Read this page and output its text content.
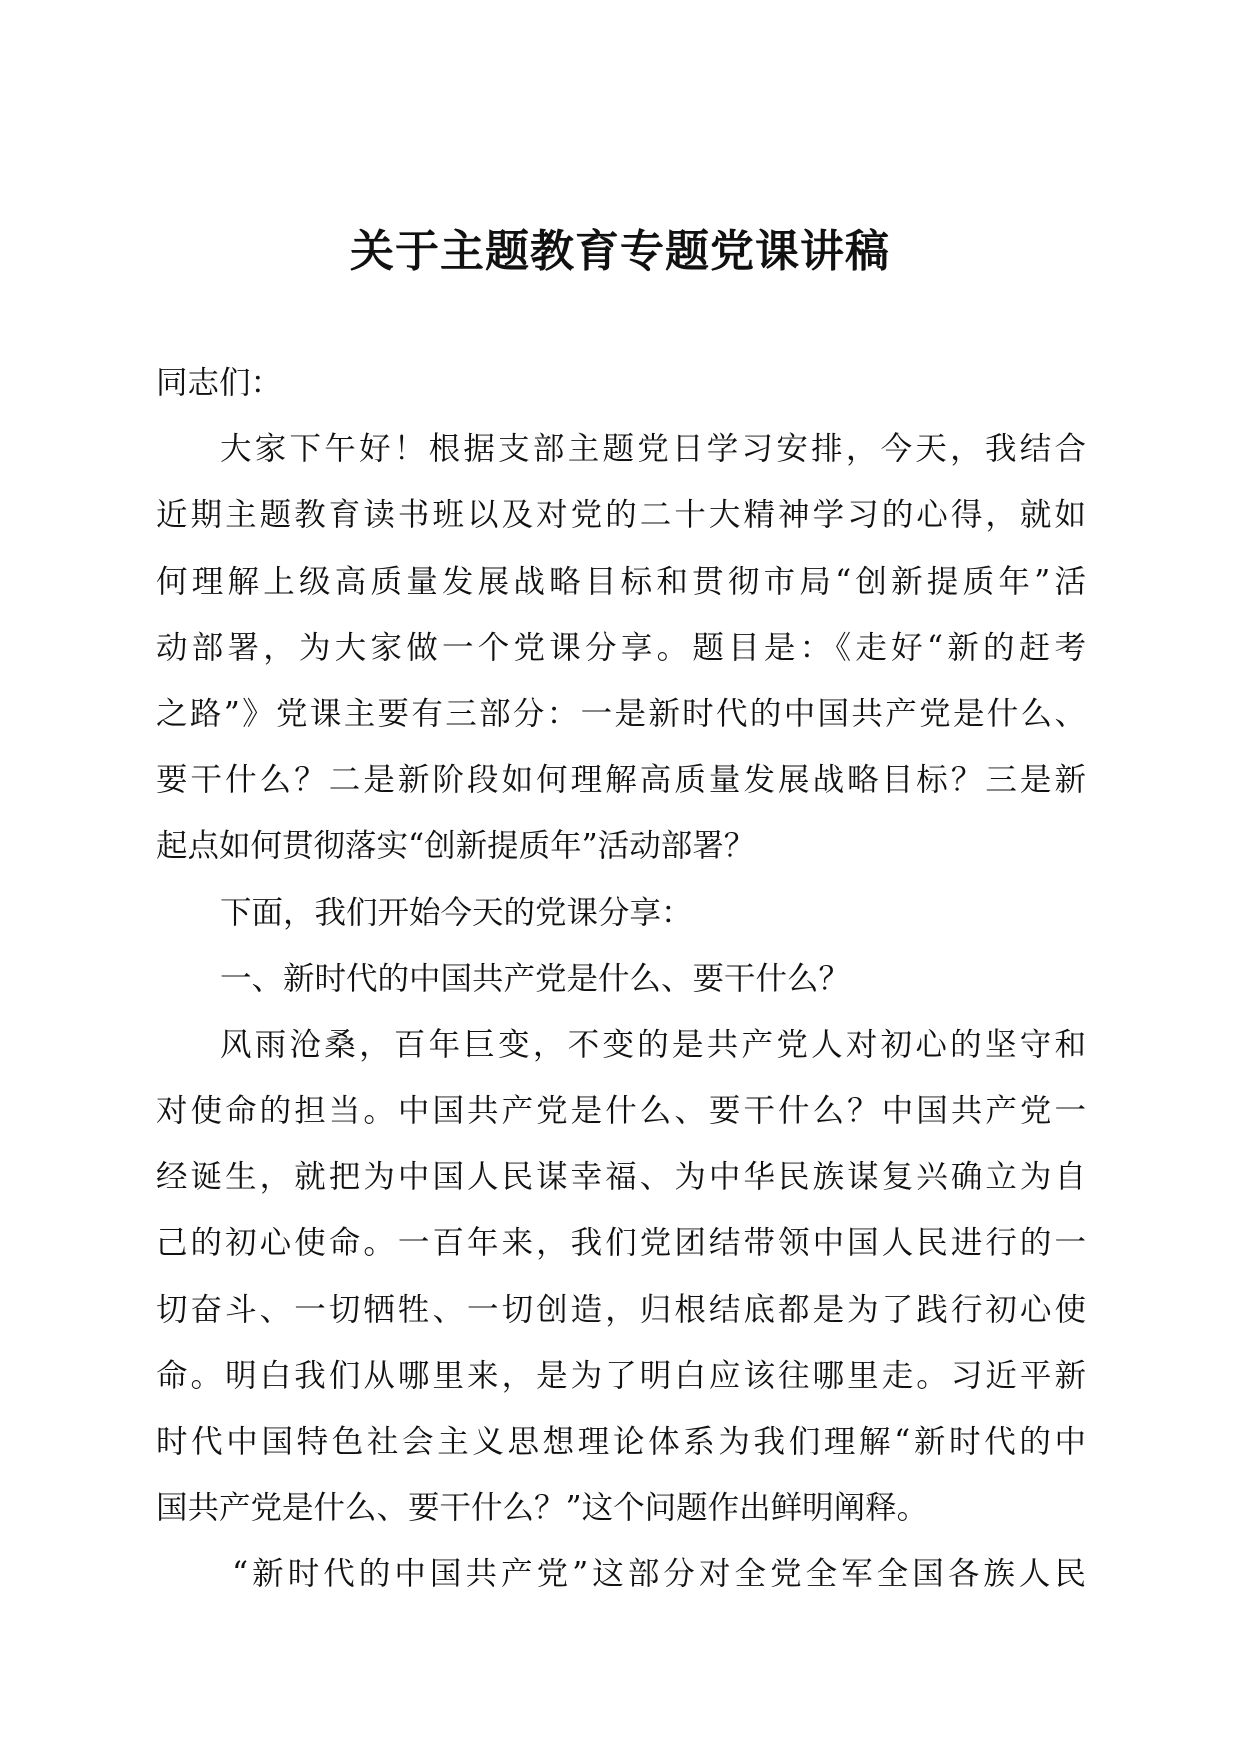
关于主题教育专题党课讲稿
同志们：
大家下午好！根据支部主题党日学习安排，今天，我结合
近期主题教育读书班以及对党的二十大精神学习的心得，就如
何理解上级高质量发展战略目标和贯彻市局“创新提质年”活
动部署，为大家做一个党课分享。题目是：《走好“新的赶考
之路”》党课主要有三部分：一是新时代的中国共产党是什么、
要干什么？二是新阶段如何理解高质量发展战略目标？三是新
起点如何贯彻落实“创新提质年”活动部署？
下面，我们开始今天的党课分享：
一、新时代的中国共产党是什么、要干什么？
风雨沧桑，百年巨变，不变的是共产党人对初心的坚守和
对使命的担当。中国共产党是什么、要干什么？中国共产党一
经诞生，就把为中国人民谋幸福、为中华民族谋复兴确立为自
己的初心使命。一百年来，我们党团结带领中国人民进行的一
切奋斗、一切牺牲、一切创造，归根结底都是为了践行初心使
命。明白我们从哪里来，是为了明白应该往哪里走。习近平新
时代中国特色社会主义思想理论体系为我们理解“新时代的中
国共产党是什么、要干什么？”这个问题作出鲜明阐释。
“新时代的中国共产党”这部分对全党全军全国各族人民
